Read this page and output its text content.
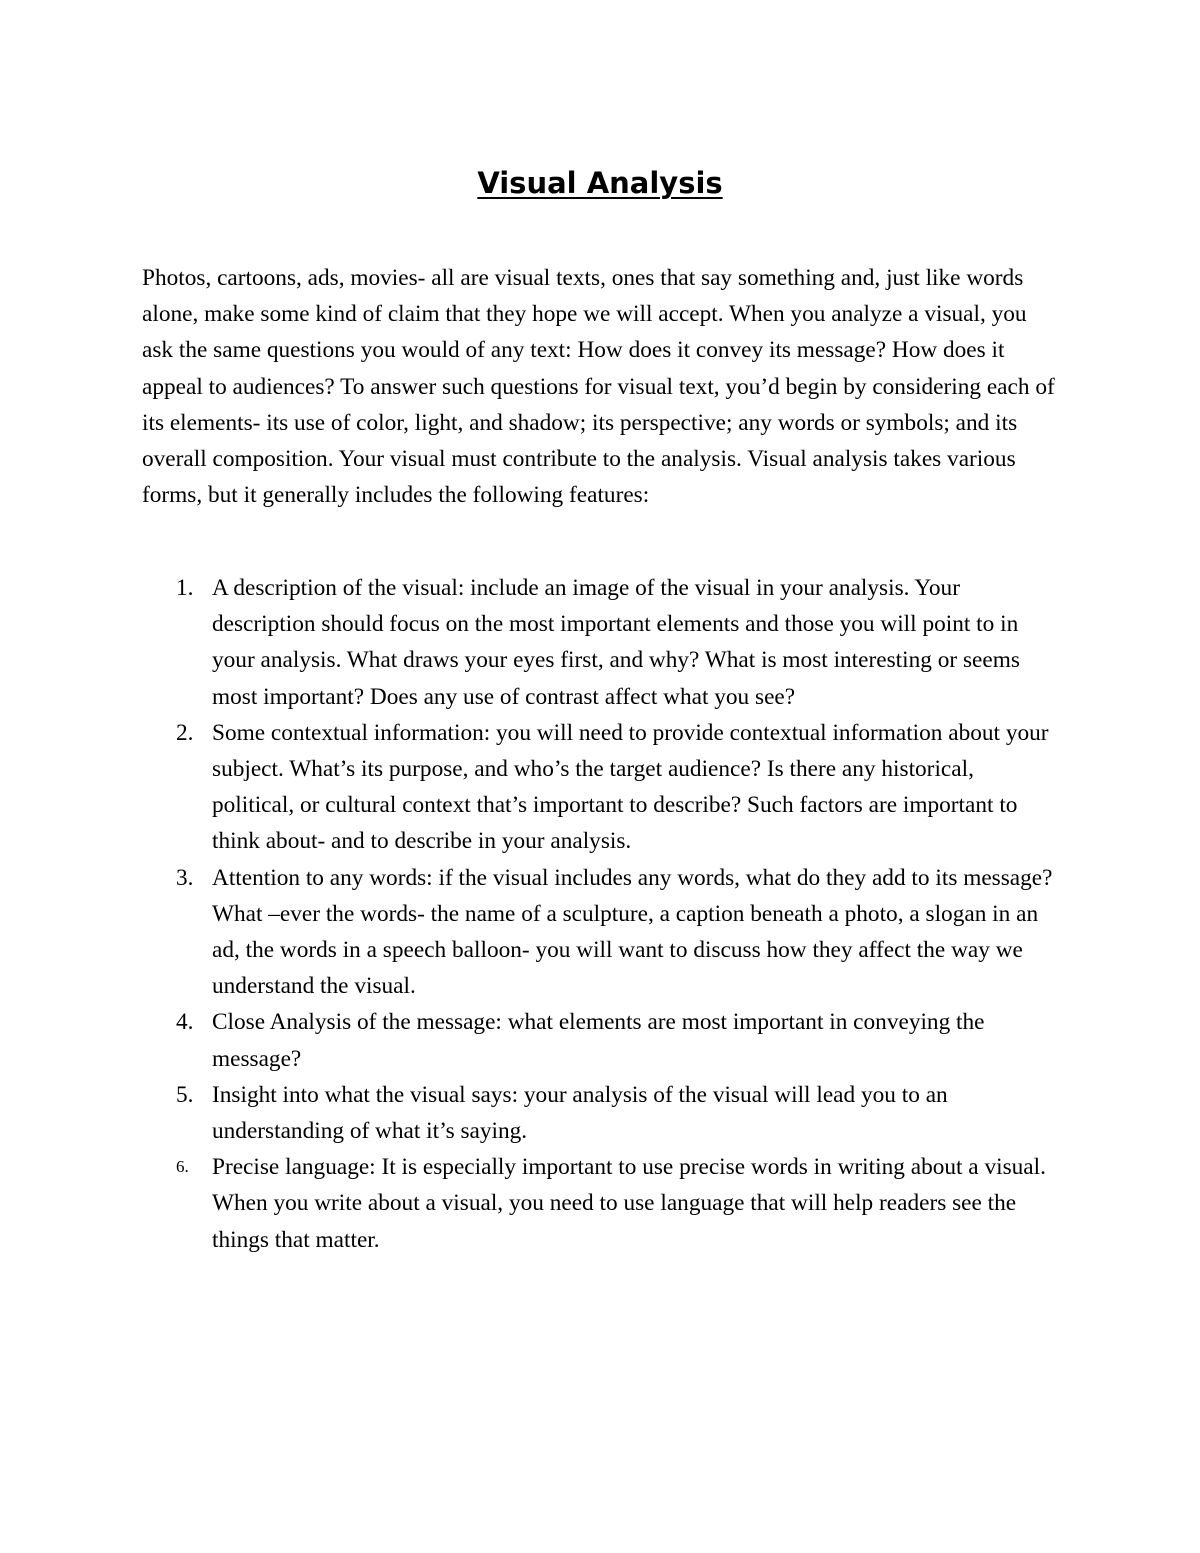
Visual Analysis

Photos, cartoons, ads, movies- all are visual texts, ones that say something and, just like words alone, make some kind of claim that they hope we will accept. When you analyze a visual, you ask the same questions you would of any text: How does it convey its message? How does it appeal to audiences? To answer such questions for visual text, you’d begin by considering each of its elements- its use of color, light, and shadow; its perspective; any words or symbols; and its overall composition. Your visual must contribute to the analysis. Visual analysis takes various forms, but it generally includes the following features:

1. A description of the visual: include an image of the visual in your analysis. Your description should focus on the most important elements and those you will point to in your analysis. What draws your eyes first, and why? What is most interesting or seems most important? Does any use of contrast affect what you see?
2. Some contextual information: you will need to provide contextual information about your subject. What’s its purpose, and who’s the target audience? Is there any historical, political, or cultural context that’s important to describe? Such factors are important to think about- and to describe in your analysis.
3. Attention to any words: if the visual includes any words, what do they add to its message? What –ever the words- the name of a sculpture, a caption beneath a photo, a slogan in an ad, the words in a speech balloon- you will want to discuss how they affect the way we understand the visual.
4. Close Analysis of the message: what elements are most important in conveying the message?
5. Insight into what the visual says: your analysis of the visual will lead you to an understanding of what it’s saying.
6. Precise language: It is especially important to use precise words in writing about a visual. When you write about a visual, you need to use language that will help readers see the things that matter.
